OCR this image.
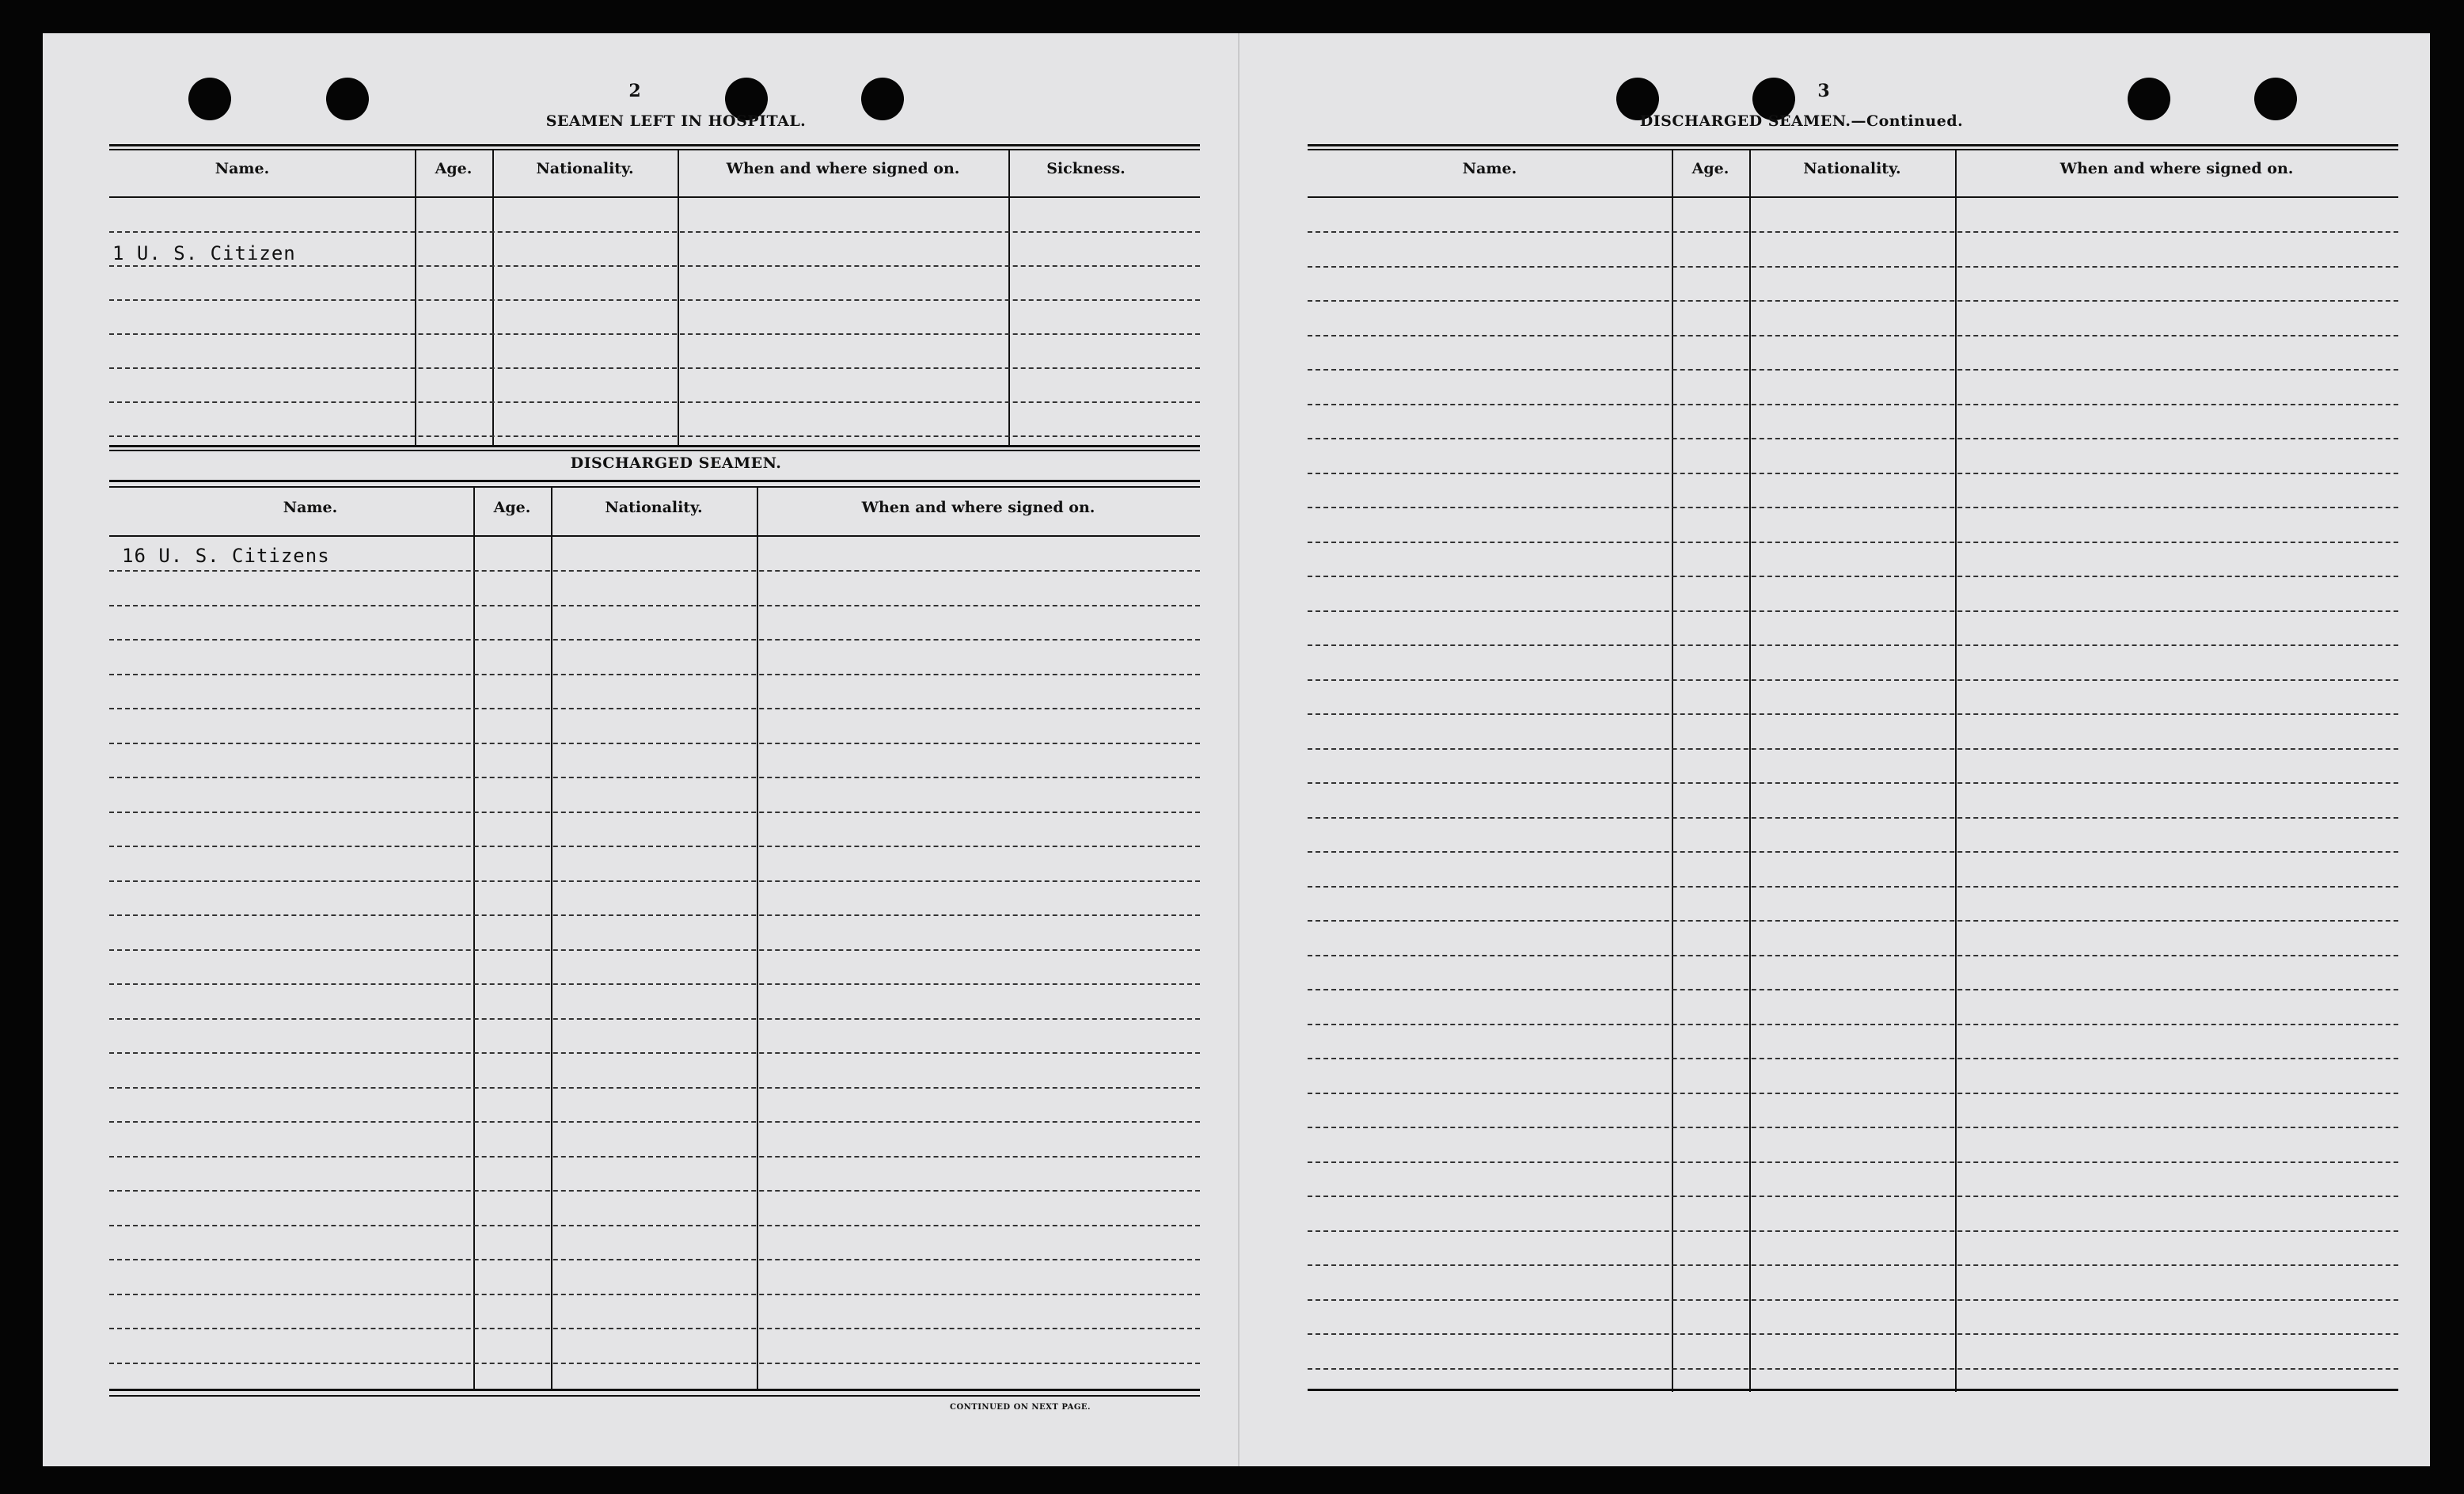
2
SEAMEN LEFT IN HOSPITAL.
Name.	Age.	Nationality.	When and where signed on.	Sickness.
1 U. S. Citizen
DISCHARGED SEAMEN.
Name.	Age.	Nationality.	When and where signed on.
16 U. S. Citizens
CONTINUED ON NEXT PAGE.
3
DISCHARGED SEAMEN.—Continued.
Name.	Age.	Nationality.	When and where signed on.
